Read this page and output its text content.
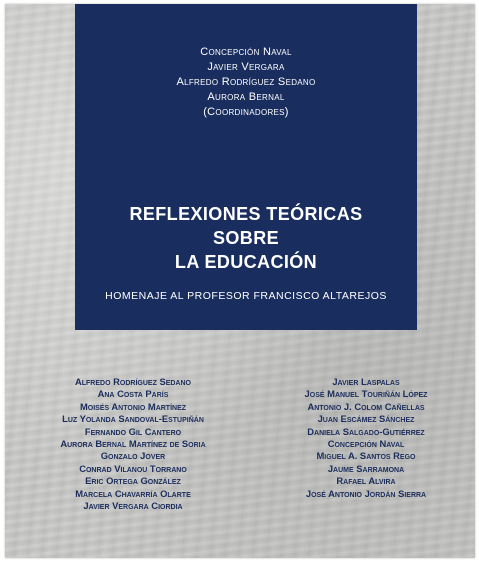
Concepción Naval
Javier Vergara
Alfredo Rodríguez Sedano
Aurora Bernal
(Coordinadores)
REFLEXIONES TEÓRICAS
SOBRE
LA EDUCACIÓN
HOMENAJE AL PROFESOR FRANCISCO ALTAREJOS
Alfredo Rodríguez Sedano
Ana Costa París
Moisés Antonio Martínez
Luz Yolanda Sandoval-Estupiñán
Fernando Gil Cantero
Aurora Bernal Martínez de Soria
Gonzalo Jover
Conrad Vilanou Torrano
Eric Ortega González
Marcela Chavarría Olarte
Javier Vergara Ciordia
Javier Laspalas
José Manuel Touriñán López
Antonio J. Colom Cañellas
Juan Escámez Sánchez
Daniela Salgado-Gutiérrez
Concepción Naval
Miguel A. Santos Rego
Jaume Sarramona
Rafael Alvira
José Antonio Jordán Sierra
